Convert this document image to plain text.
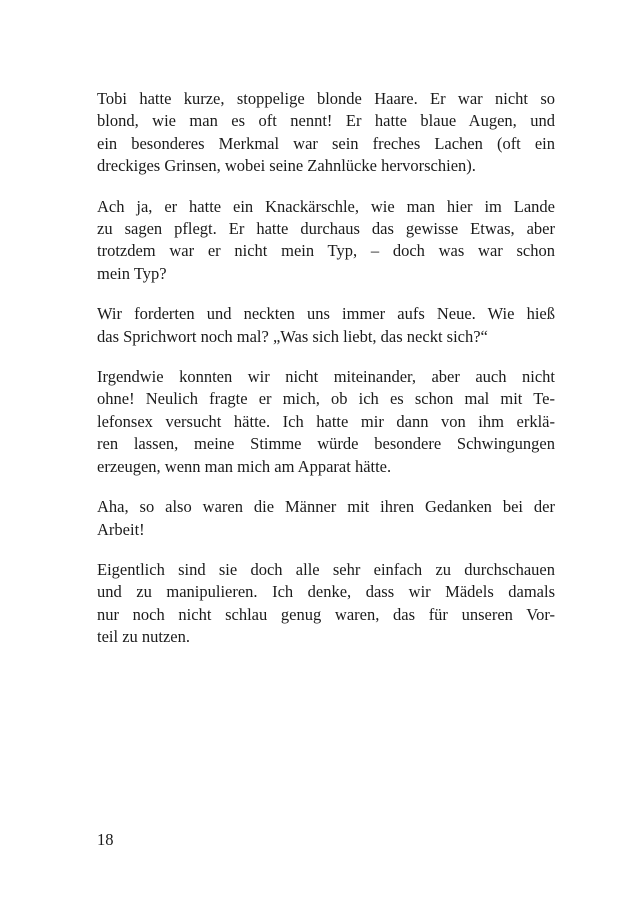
Tobi hatte kurze, stoppelige blonde Haare. Er war nicht so
blond, wie man es oft nennt! Er hatte blaue Augen, und
ein besonderes Merkmal war sein freches Lachen (oft ein
dreckiges Grinsen, wobei seine Zahnlücke hervorschien).
Ach ja, er hatte ein Knackärschle, wie man hier im Lande
zu sagen pflegt. Er hatte durchaus das gewisse Etwas, aber
trotzdem war er nicht mein Typ, – doch was war schon
mein Typ?
Wir forderten und neckten uns immer aufs Neue. Wie hieß
das Sprichwort noch mal? „Was sich liebt, das neckt sich?“
Irgendwie konnten wir nicht miteinander, aber auch nicht
ohne! Neulich fragte er mich, ob ich es schon mal mit Te-
lefonsex versucht hätte. Ich hatte mir dann von ihm erklä-
ren lassen, meine Stimme würde besondere Schwingungen
erzeugen, wenn man mich am Apparat hätte.
Aha, so also waren die Männer mit ihren Gedanken bei der
Arbeit!
Eigentlich sind sie doch alle sehr einfach zu durchschauen
und zu manipulieren. Ich denke, dass wir Mädels damals
nur noch nicht schlau genug waren, das für unseren Vor-
teil zu nutzen.
18
